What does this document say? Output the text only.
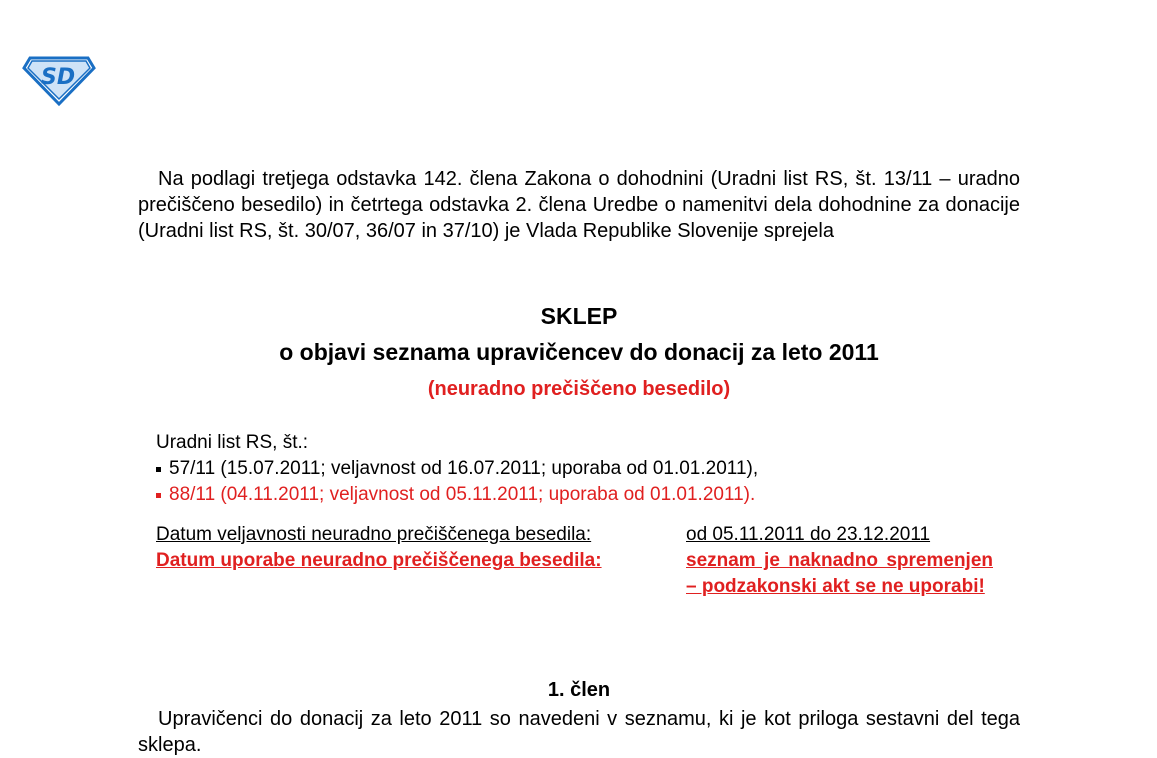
SD

Na podlagi tretjega odstavka 142. člena Zakona o dohodnini (Uradni list RS, št. 13/11 – uradno prečiščeno besedilo) in četrtega odstavka 2. člena Uredbe o namenitvi dela dohodnine za donacije (Uradni list RS, št. 30/07, 36/07 in 37/10) je Vlada Republike Slovenije sprejela

SKLEP
o objavi seznama upravičencev do donacij za leto 2011
(neuradno prečiščeno besedilo)
Uradni list RS, št.:
57/11 (15.07.2011; veljavnost od 16.07.2011; uporaba od 01.01.2011),
88/11 (04.11.2011; veljavnost od 05.11.2011; uporaba od 01.01.2011).
Datum veljavnosti neuradno prečiščenega besedila:	od 05.11.2011 do 23.12.2011
Datum uporabe neuradno prečiščenega besedila:	seznam je naknadno spremenjen – podzakonski akt se ne uporabi!
1. člen

Upravičenci do donacij za leto 2011 so navedeni v seznamu, ki je kot priloga sestavni del tega sklepa.
